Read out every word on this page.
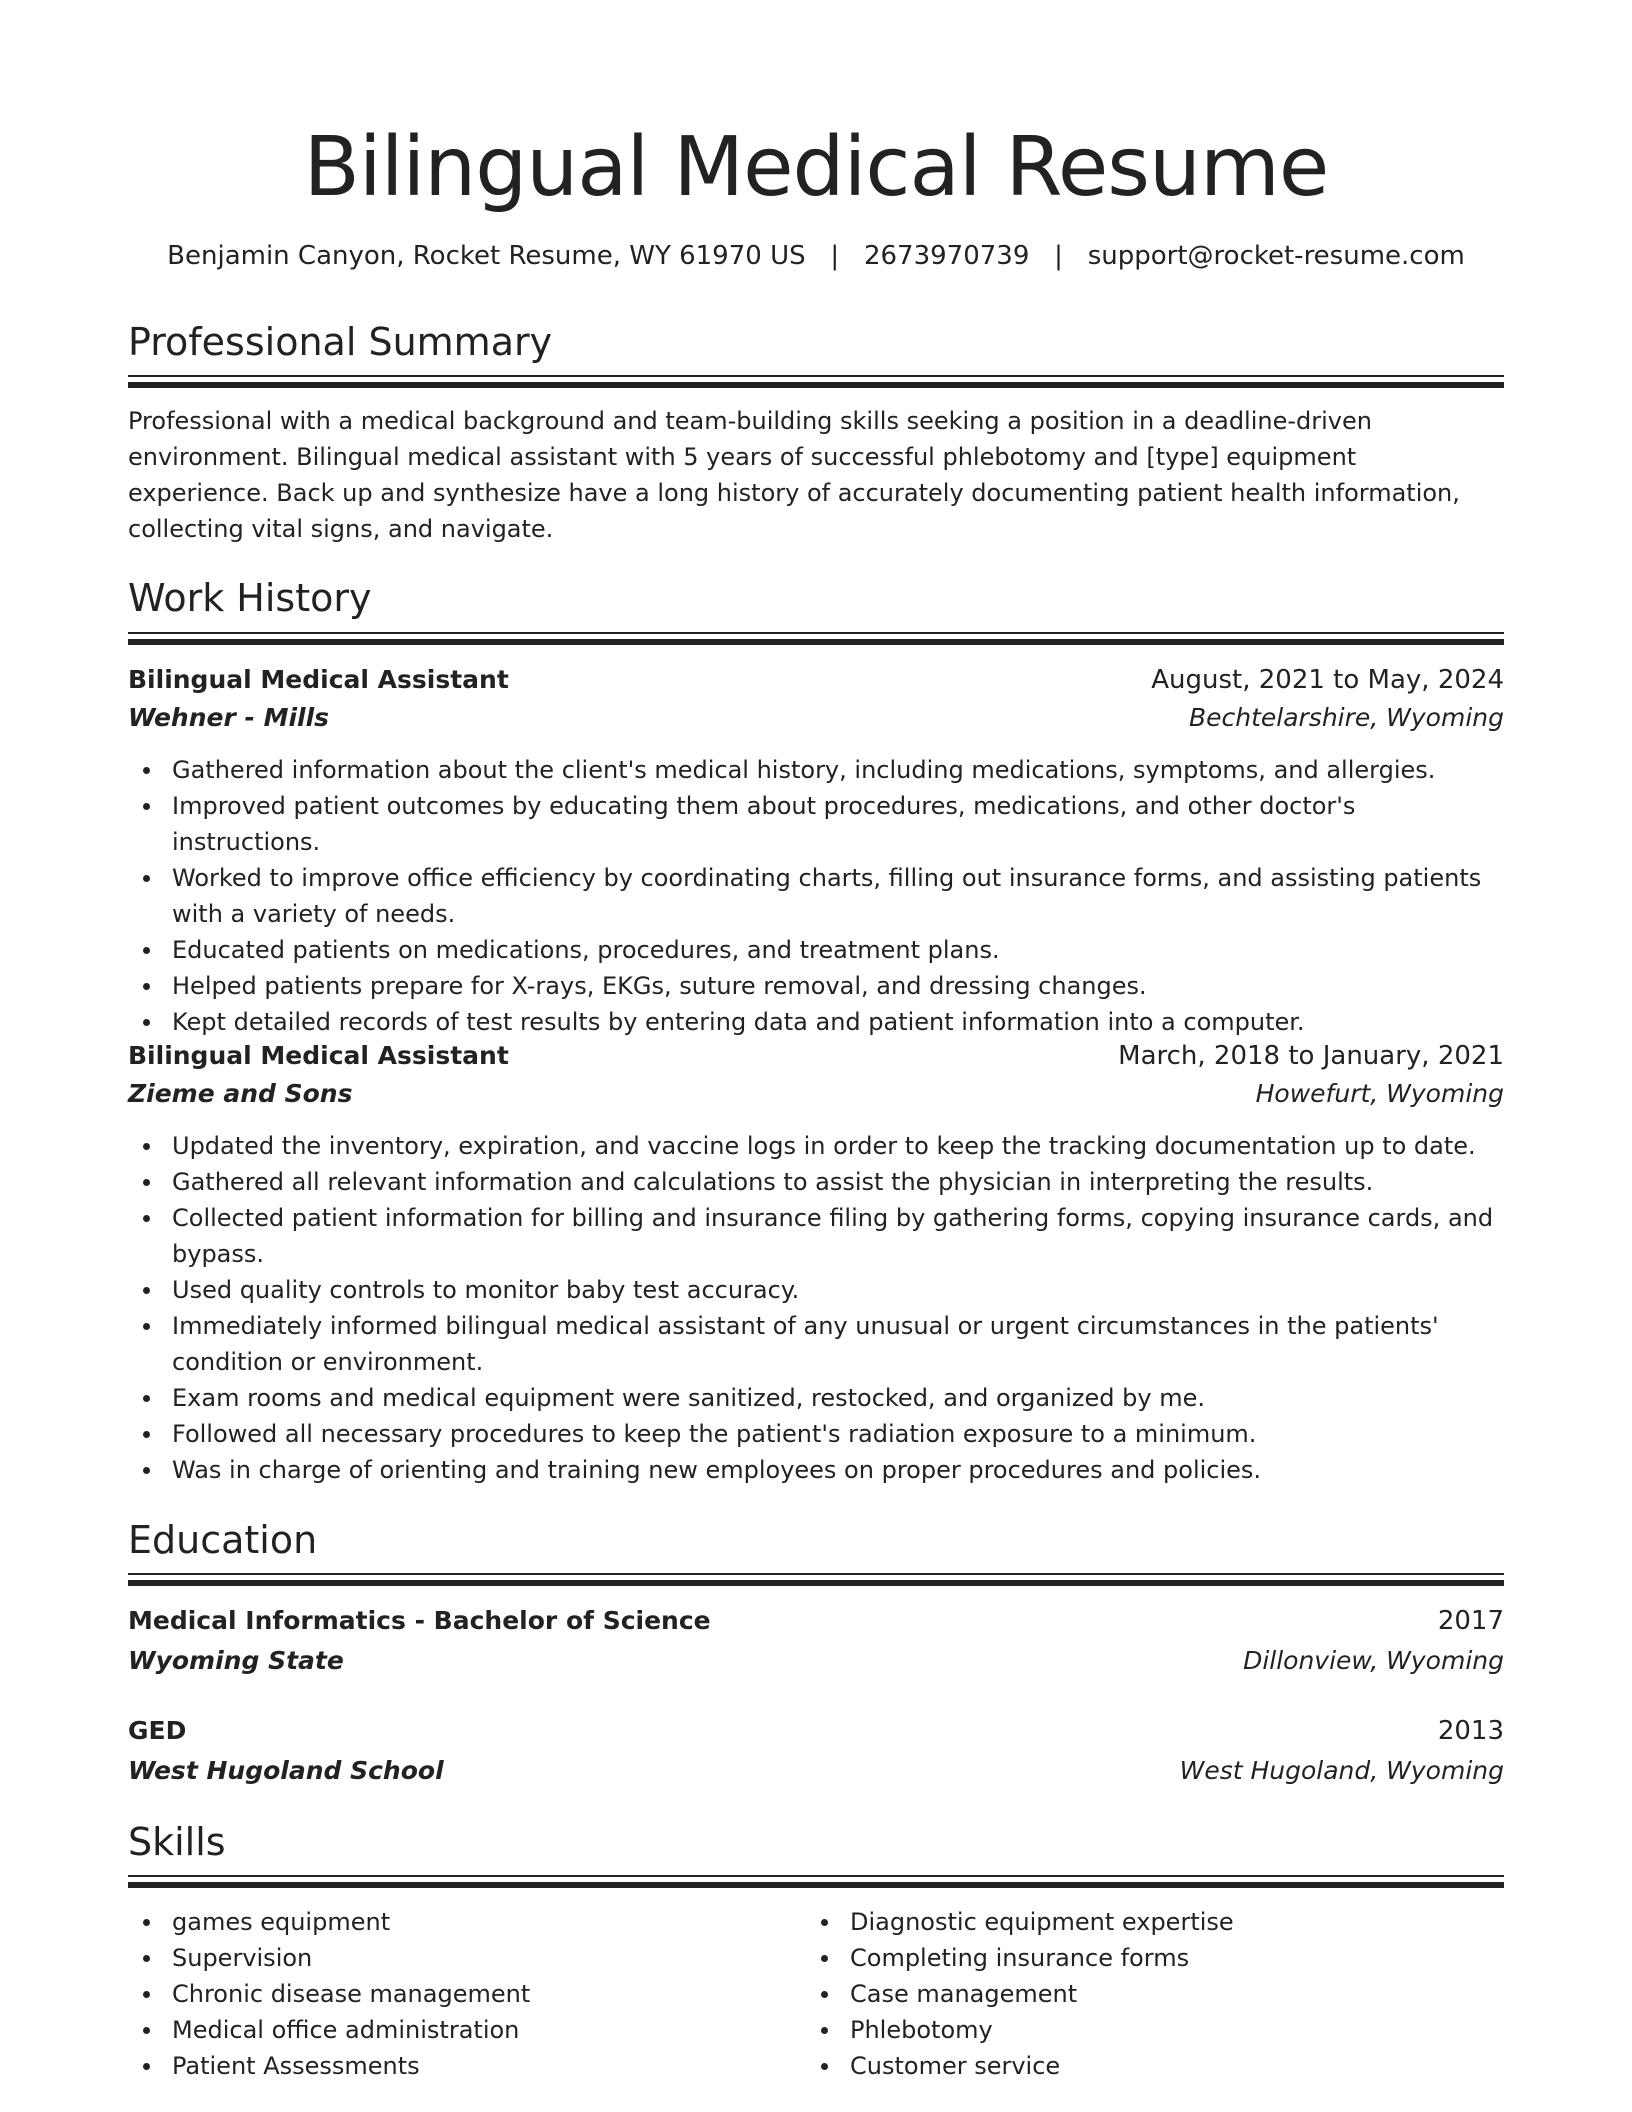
Bilingual Medical Resume
Benjamin Canyon, Rocket Resume, WY 61970 US   |   2673970739   |   support@rocket-resume.com
Professional Summary
Professional with a medical background and team-building skills seeking a position in a deadline-driven environment. Bilingual medical assistant with 5 years of successful phlebotomy and [type] equipment experience. Back up and synthesize have a long history of accurately documenting patient health information, collecting vital signs, and navigate.
Work History
Bilingual Medical Assistant	August, 2021 to May, 2024
Wehner - Mills	Bechtelarshire, Wyoming
Gathered information about the client's medical history, including medications, symptoms, and allergies.
Improved patient outcomes by educating them about procedures, medications, and other doctor's instructions.
Worked to improve office efficiency by coordinating charts, filling out insurance forms, and assisting patients with a variety of needs.
Educated patients on medications, procedures, and treatment plans.
Helped patients prepare for X-rays, EKGs, suture removal, and dressing changes.
Kept detailed records of test results by entering data and patient information into a computer.
Bilingual Medical Assistant	March, 2018 to January, 2021
Zieme and Sons	Howefurt, Wyoming
Updated the inventory, expiration, and vaccine logs in order to keep the tracking documentation up to date.
Gathered all relevant information and calculations to assist the physician in interpreting the results.
Collected patient information for billing and insurance filing by gathering forms, copying insurance cards, and bypass.
Used quality controls to monitor baby test accuracy.
Immediately informed bilingual medical assistant of any unusual or urgent circumstances in the patients' condition or environment.
Exam rooms and medical equipment were sanitized, restocked, and organized by me.
Followed all necessary procedures to keep the patient's radiation exposure to a minimum.
Was in charge of orienting and training new employees on proper procedures and policies.
Education
Medical Informatics - Bachelor of Science	2017
Wyoming State	Dillonview, Wyoming
GED	2013
West Hugoland School	West Hugoland, Wyoming
Skills
games equipment
Supervision
Chronic disease management
Medical office administration
Patient Assessments
Diagnostic equipment expertise
Completing insurance forms
Case management
Phlebotomy
Customer service
